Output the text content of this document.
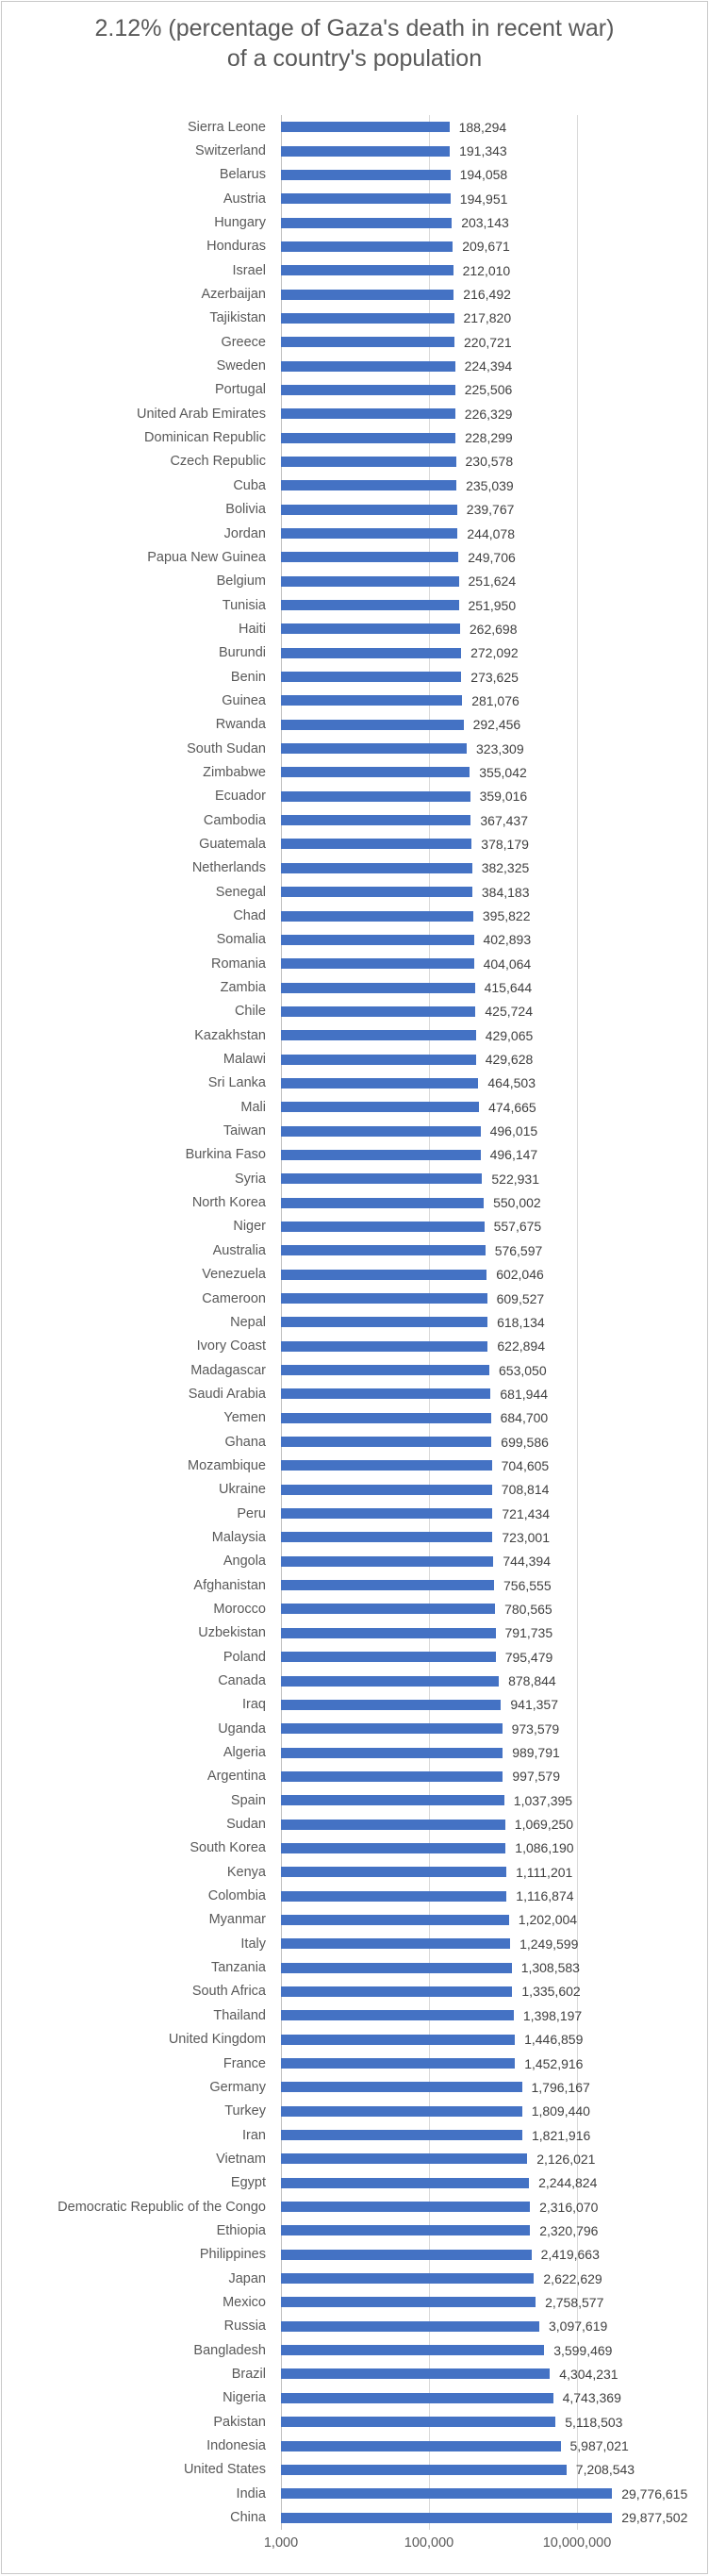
2.12% (percentage of Gaza's death in recent war)
of a country's population
Sierra Leone	188,294
Switzerland	191,343
Belarus	194,058
Austria	194,951
Hungary	203,143
Honduras	209,671
Israel	212,010
Azerbaijan	216,492
Tajikistan	217,820
Greece	220,721
Sweden	224,394
Portugal	225,506
United Arab Emirates	226,329
Dominican Republic	228,299
Czech Republic	230,578
Cuba	235,039
Bolivia	239,767
Jordan	244,078
Papua New Guinea	249,706
Belgium	251,624
Tunisia	251,950
Haiti	262,698
Burundi	272,092
Benin	273,625
Guinea	281,076
Rwanda	292,456
South Sudan	323,309
Zimbabwe	355,042
Ecuador	359,016
Cambodia	367,437
Guatemala	378,179
Netherlands	382,325
Senegal	384,183
Chad	395,822
Somalia	402,893
Romania	404,064
Zambia	415,644
Chile	425,724
Kazakhstan	429,065
Malawi	429,628
Sri Lanka	464,503
Mali	474,665
Taiwan	496,015
Burkina Faso	496,147
Syria	522,931
North Korea	550,002
Niger	557,675
Australia	576,597
Venezuela	602,046
Cameroon	609,527
Nepal	618,134
Ivory Coast	622,894
Madagascar	653,050
Saudi Arabia	681,944
Yemen	684,700
Ghana	699,586
Mozambique	704,605
Ukraine	708,814
Peru	721,434
Malaysia	723,001
Angola	744,394
Afghanistan	756,555
Morocco	780,565
Uzbekistan	791,735
Poland	795,479
Canada	878,844
Iraq	941,357
Uganda	973,579
Algeria	989,791
Argentina	997,579
Spain	1,037,395
Sudan	1,069,250
South Korea	1,086,190
Kenya	1,111,201
Colombia	1,116,874
Myanmar	1,202,004
Italy	1,249,599
Tanzania	1,308,583
South Africa	1,335,602
Thailand	1,398,197
United Kingdom	1,446,859
France	1,452,916
Germany	1,796,167
Turkey	1,809,440
Iran	1,821,916
Vietnam	2,126,021
Egypt	2,244,824
Democratic Republic of the Congo	2,316,070
Ethiopia	2,320,796
Philippines	2,419,663
Japan	2,622,629
Mexico	2,758,577
Russia	3,097,619
Bangladesh	3,599,469
Brazil	4,304,231
Nigeria	4,743,369
Pakistan	5,118,503
Indonesia	5,987,021
United States	7,208,543
India	29,776,615
China	29,877,502
1,000	100,000	10,000,000
